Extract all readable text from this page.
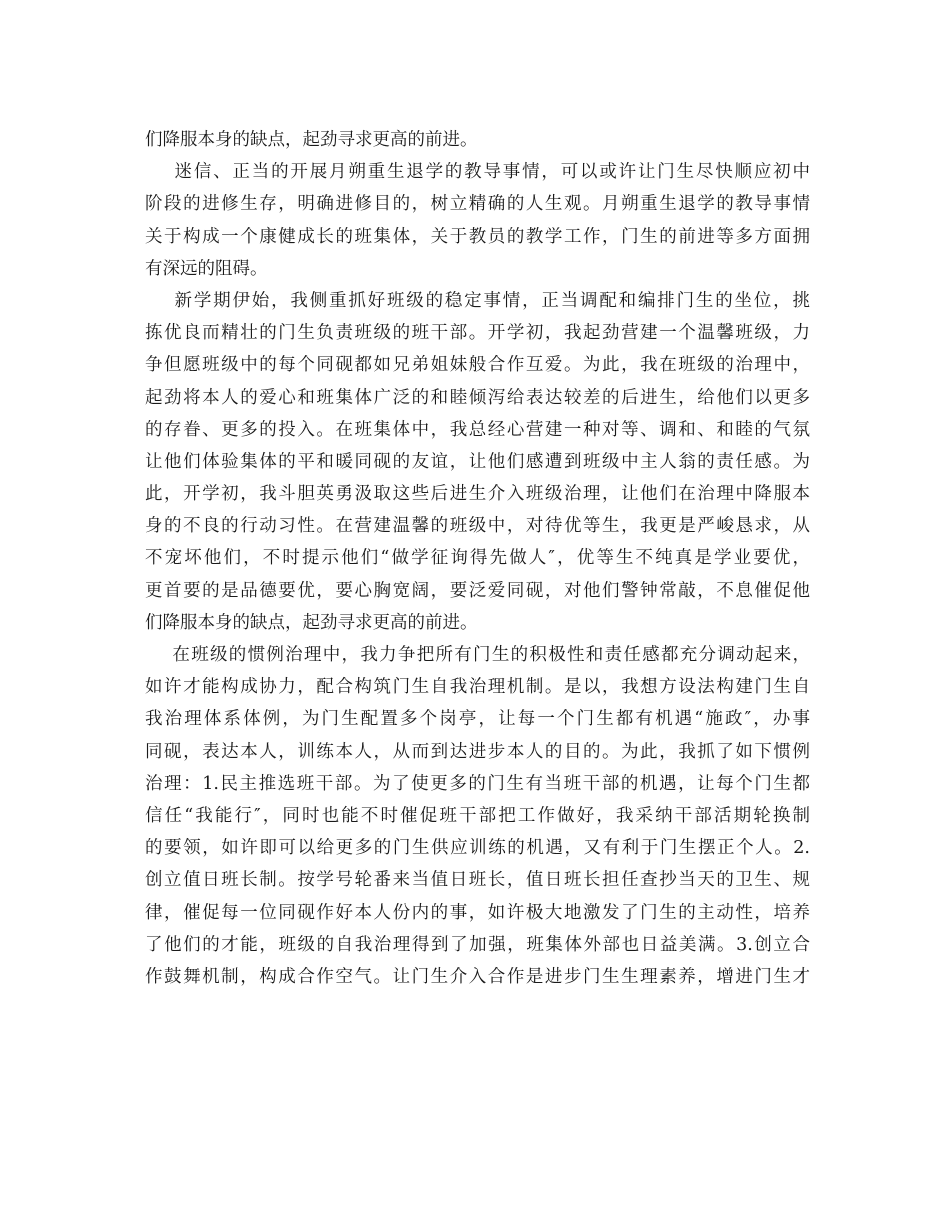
们降服本身的缺点，起劲寻求更高的前进。
迷信、正当的开展月朔重生退学的教导事情，可以或许让门生尽快顺应初中
阶段的进修生存，明确进修目的，树立精确的人生观。月朔重生退学的教导事情
关于构成一个康健成长的班集体，关于教员的教学工作，门生的前进等多方面拥
有深远的阻碍。
新学期伊始，我侧重抓好班级的稳定事情，正当调配和编排门生的坐位，挑
拣优良而精壮的门生负责班级的班干部。开学初，我起劲营建一个温馨班级，力
争但愿班级中的每个同砚都如兄弟姐妹般合作互爱。为此，我在班级的治理中，
起劲将本人的爱心和班集体广泛的和睦倾泻给表达较差的后进生，给他们以更多
的存眷、更多的投入。在班集体中，我总经心营建一种对等、调和、和睦的气氛
让他们体验集体的平和暖同砚的友谊，让他们感遭到班级中主人翁的责任感。为
此，开学初，我斗胆英勇汲取这些后进生介入班级治理，让他们在治理中降服本
身的不良的行动习性。在营建温馨的班级中，对待优等生，我更是严峻恳求，从
不宠坏他们，不时提示他们“做学征询得先做人″，优等生不纯真是学业要优，
更首要的是品德要优，要心胸宽阔，要泛爱同砚，对他们警钟常敲，不息催促他
们降服本身的缺点，起劲寻求更高的前进。
在班级的惯例治理中，我力争把所有门生的积极性和责任感都充分调动起来，
如许才能构成协力，配合构筑门生自我治理机制。是以，我想方设法构建门生自
我治理体系体例，为门生配置多个岗亭，让每一个门生都有机遇“施政″，办事
同砚，表达本人，训练本人，从而到达进步本人的目的。为此，我抓了如下惯例
治理：1.民主推选班干部。为了使更多的门生有当班干部的机遇，让每个门生都
信任“我能行″，同时也能不时催促班干部把工作做好，我采纳干部活期轮换制
的要领，如许即可以给更多的门生供应训练的机遇，又有利于门生摆正个人。2.
创立值日班长制。按学号轮番来当值日班长，值日班长担任查抄当天的卫生、规
律，催促每一位同砚作好本人份内的事，如许极大地激发了门生的主动性，培养
了他们的才能，班级的自我治理得到了加强，班集体外部也日益美满。3.创立合
作鼓舞机制，构成合作空气。让门生介入合作是进步门生生理素养，增进门生才
